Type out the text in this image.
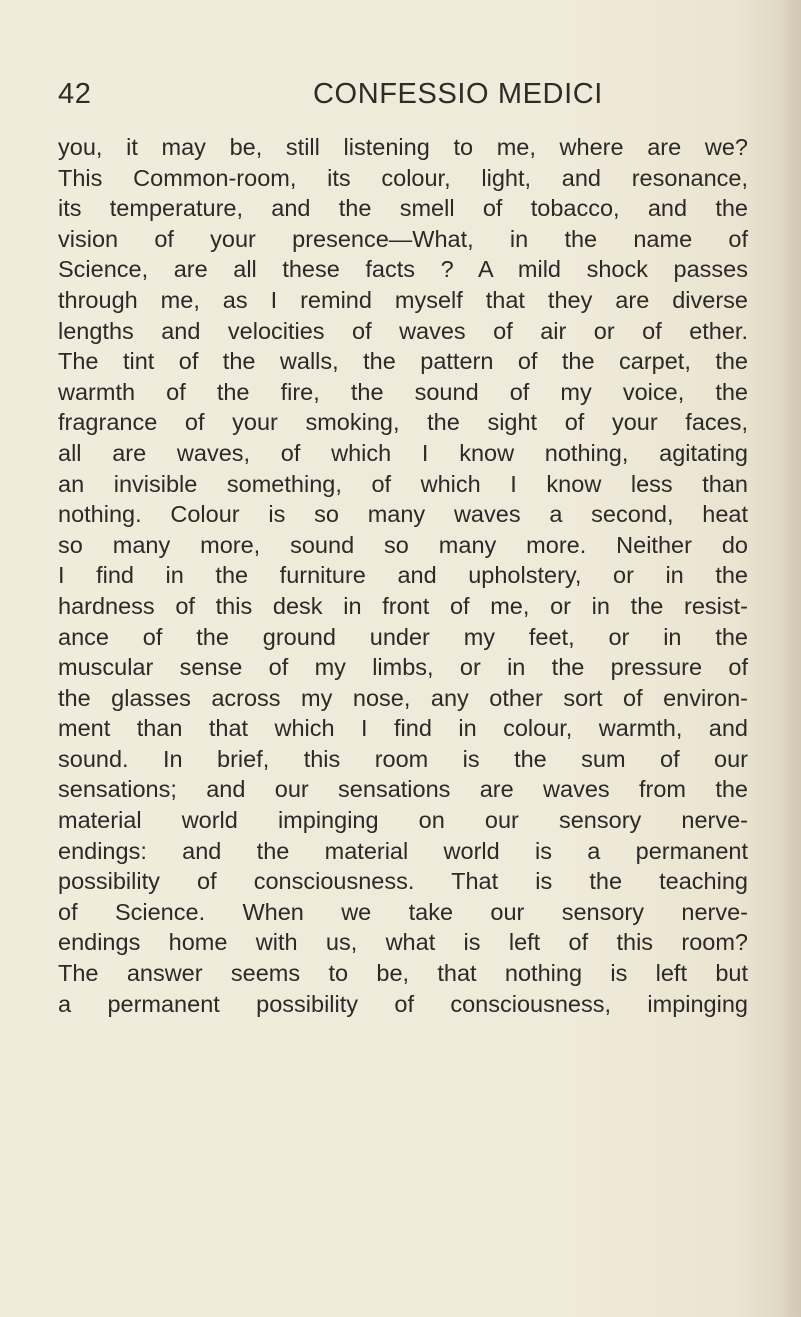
42	CONFESSIO MEDICI
you, it may be, still listening to me, where are we?
This Common-room, its colour, light, and resonance,
its temperature, and the smell of tobacco, and the
vision of your presence—What, in the name of
Science, are all these facts ? A mild shock passes
through me, as I remind myself that they are diverse
lengths and velocities of waves of air or of ether.
The tint of the walls, the pattern of the carpet, the
warmth of the fire, the sound of my voice, the
fragrance of your smoking, the sight of your faces,
all are waves, of which I know nothing, agitating
an invisible something, of which I know less than
nothing. Colour is so many waves a second, heat
so many more, sound so many more. Neither do
I find in the furniture and upholstery, or in the
hardness of this desk in front of me, or in the resist-
ance of the ground under my feet, or in the
muscular sense of my limbs, or in the pressure of
the glasses across my nose, any other sort of environ-
ment than that which I find in colour, warmth, and
sound. In brief, this room is the sum of our
sensations; and our sensations are waves from the
material world impinging on our sensory nerve-
endings: and the material world is a permanent
possibility of consciousness. That is the teaching
of Science. When we take our sensory nerve-
endings home with us, what is left of this room?
The answer seems to be, that nothing is left but
a permanent possibility of consciousness, impinging
